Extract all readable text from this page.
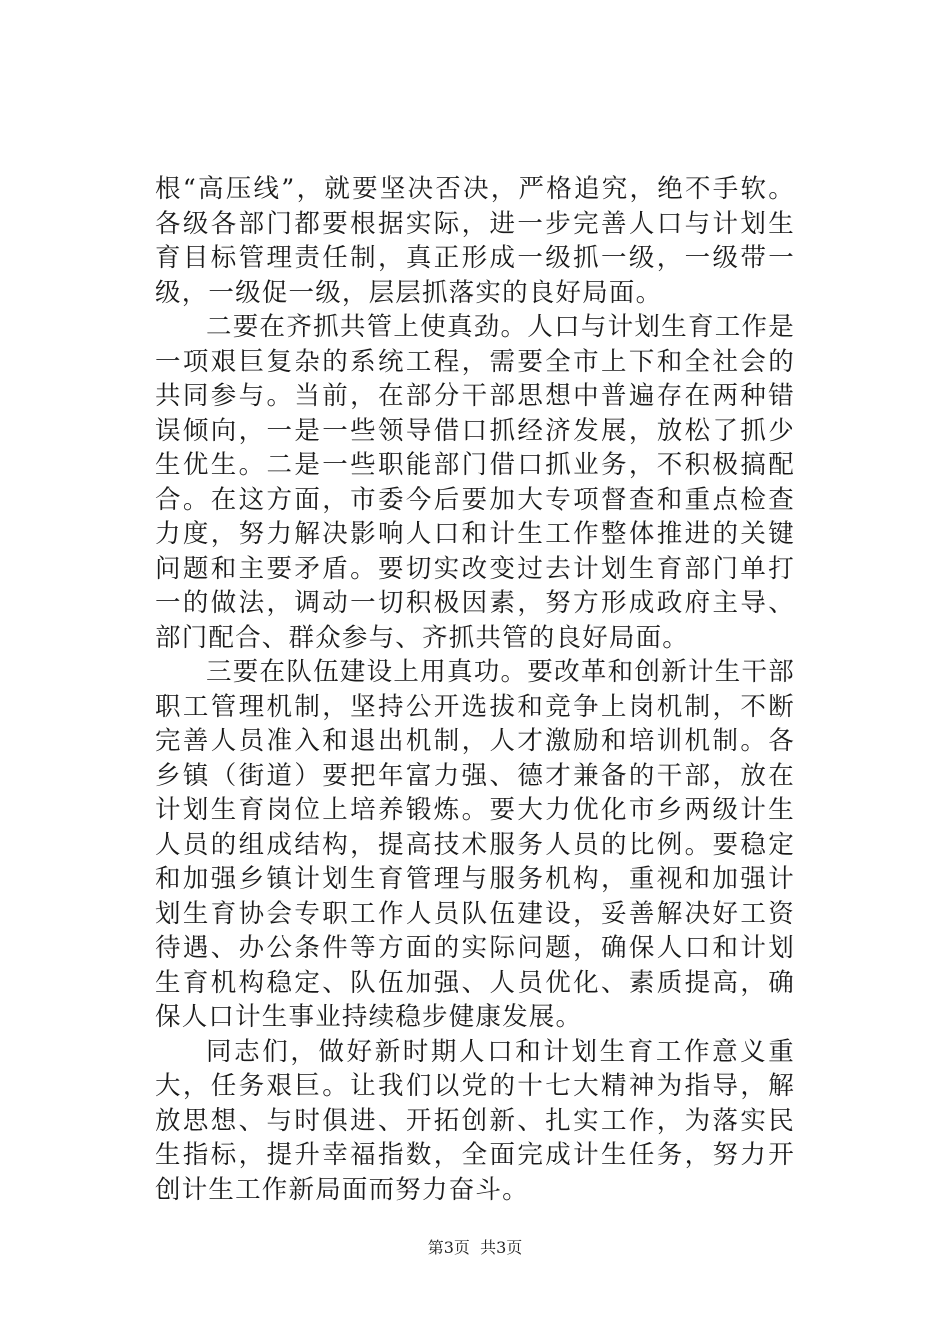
根“高压线”，就要坚决否决，严格追究，绝不手软。各级各部门都要根据实际，进一步完善人口与计划生育目标管理责任制，真正形成一级抓一级，一级带一级，一级促一级，层层抓落实的良好局面。

二要在齐抓共管上使真劲。人口与计划生育工作是一项艰巨复杂的系统工程，需要全市上下和全社会的共同参与。当前，在部分干部思想中普遍存在两种错误倾向，一是一些领导借口抓经济发展，放松了抓少生优生。二是一些职能部门借口抓业务，不积极搞配合。在这方面，市委今后要加大专项督查和重点检查力度，努力解决影响人口和计生工作整体推进的关键问题和主要矛盾。要切实改变过去计划生育部门单打一的做法，调动一切积极因素，努方形成政府主导、部门配合、群众参与、齐抓共管的良好局面。

三要在队伍建设上用真功。要改革和创新计生干部职工管理机制，坚持公开选拔和竞争上岗机制，不断完善人员准入和退出机制，人才激励和培训机制。各乡镇（街道）要把年富力强、德才兼备的干部，放在计划生育岗位上培养锻炼。要大力优化市乡两级计生人员的组成结构，提高技术服务人员的比例。要稳定和加强乡镇计划生育管理与服务机构，重视和加强计划生育协会专职工作人员队伍建设，妥善解决好工资待遇、办公条件等方面的实际问题，确保人口和计划生育机构稳定、队伍加强、人员优化、素质提高，确保人口计生事业持续稳步健康发展。

同志们，做好新时期人口和计划生育工作意义重大，任务艰巨。让我们以党的十七大精神为指导，解放思想、与时俱进、开拓创新、扎实工作，为落实民生指标，提升幸福指数，全面完成计生任务，努力开创计生工作新局面而努力奋斗。

第3页 共3页
